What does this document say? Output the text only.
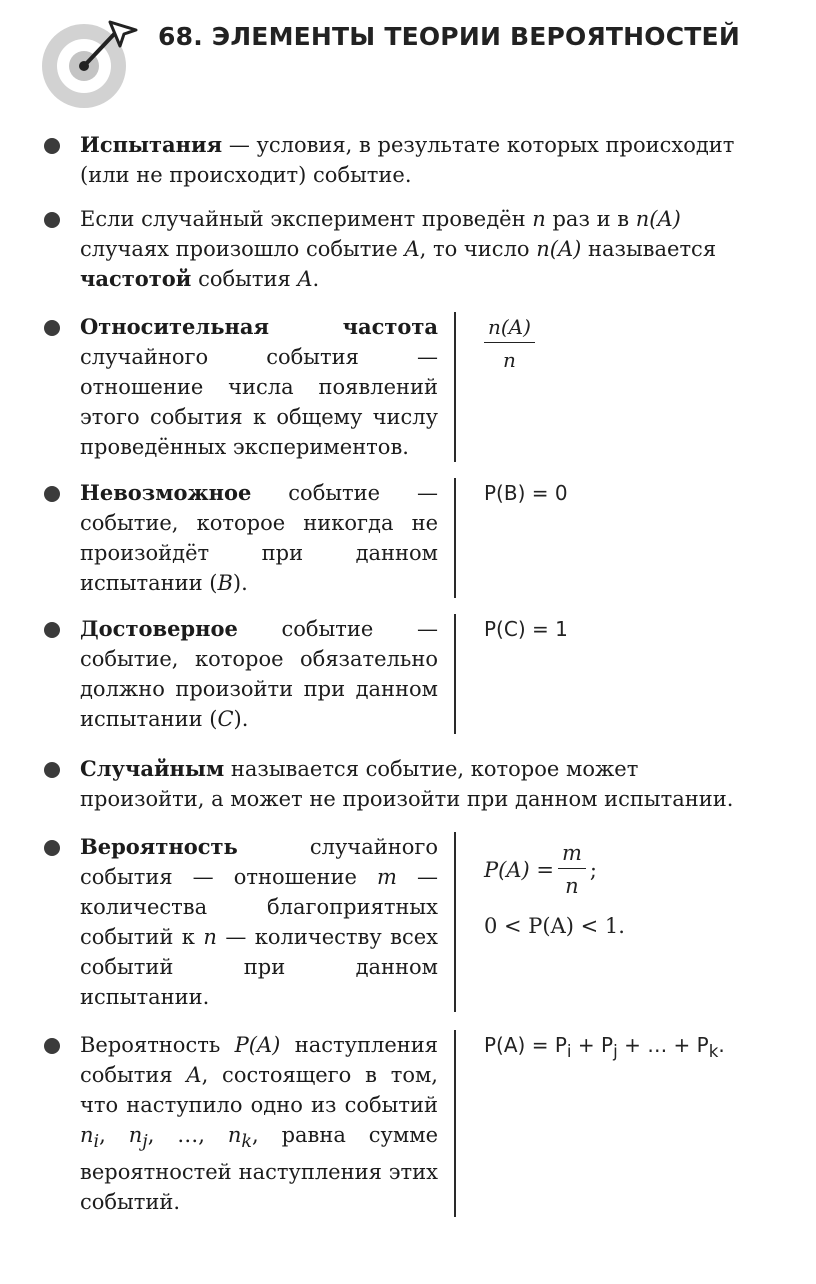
68. ЭЛЕМЕНТЫ ТЕОРИИ ВЕРОЯТНОСТЕЙ
Испытания — условия, в результате которых происходит (или не происходит) событие.
Если случайный эксперимент проведён n раз и в n(A) случаях произошло событие A, то число n(A) называется частотой события A.
Относительная частота случайного события — отношение числа появлений этого события к общему числу проведённых экспериментов.
$\frac{n(A)}{n}$
Невозможное событие — событие, которое никогда не произойдёт при данном испытании (B).
P(B) = 0
Достоверное событие — событие, которое обязательно должно произойти при данном испытании (C).
P(C) = 1
Случайным называется событие, которое может произойти, а может не произойти при данном испытании.
Вероятность случайного события — отношение m — количества благоприятных событий к n — количеству всех событий при данном испытании.
$P(A) = \frac{m}{n}$ ;
0 < P(A) < 1.
Вероятность P(A) наступления события A, состоящего в том, что наступило одно из событий $n_i$, $n_j$, …, $n_k$, равна сумме вероятностей наступления этих событий.
$P(A) = P_i + P_j$ + … + $P_k$.
